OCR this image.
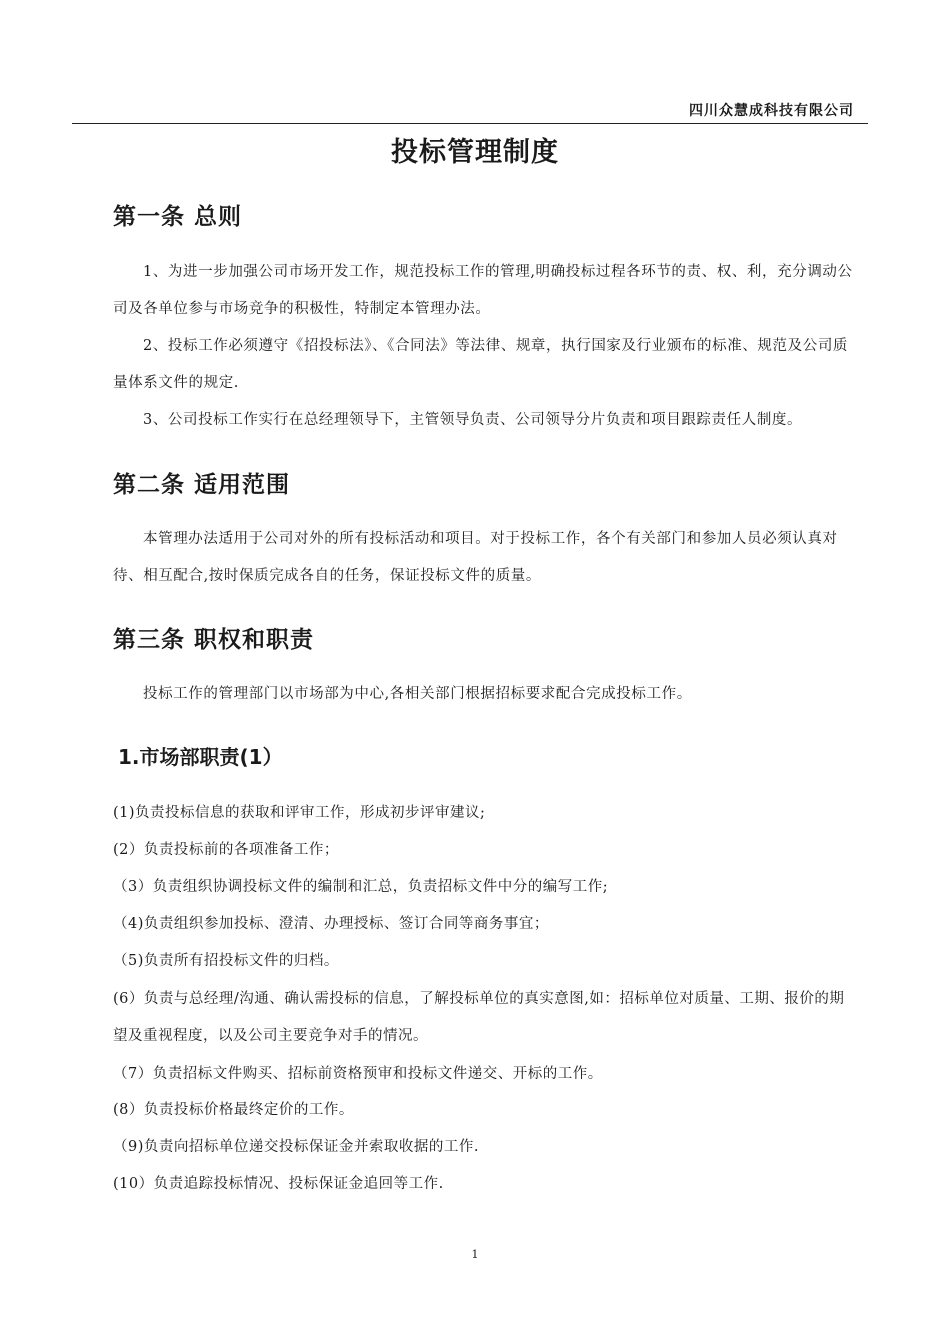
四川众慧成科技有限公司
投标管理制度
第一条 总则
1、为进一步加强公司市场开发工作，规范投标工作的管理,明确投标过程各环节的责、权、利，充分调动公司及各单位参与市场竞争的积极性，特制定本管理办法。
2、投标工作必须遵守《招投标法》、《合同法》等法律、规章，执行国家及行业颁布的标准、规范及公司质量体系文件的规定.
3、公司投标工作实行在总经理领导下，主管领导负责、公司领导分片负责和项目跟踪责任人制度。
第二条 适用范围
本管理办法适用于公司对外的所有投标活动和项目。对于投标工作，各个有关部门和参加人员必须认真对待、相互配合,按时保质完成各自的任务，保证投标文件的质量。
第三条 职权和职责
投标工作的管理部门以市场部为中心,各相关部门根据招标要求配合完成投标工作。
1.市场部职责(1）
(1)负责投标信息的获取和评审工作，形成初步评审建议;
(2）负责投标前的各项准备工作；
（3）负责组织协调投标文件的编制和汇总，负责招标文件中分的编写工作;
（4)负责组织参加投标、澄清、办理授标、签订合同等商务事宜；
（5)负责所有招投标文件的归档。
(6）负责与总经理/沟通、确认需投标的信息，了解投标单位的真实意图,如：招标单位对质量、工期、报价的期望及重视程度，以及公司主要竞争对手的情况。
（7）负责招标文件购买、招标前资格预审和投标文件递交、开标的工作。
(8）负责投标价格最终定价的工作。
（9)负责向招标单位递交投标保证金并索取收据的工作.
(10）负责追踪投标情况、投标保证金追回等工作.
1
